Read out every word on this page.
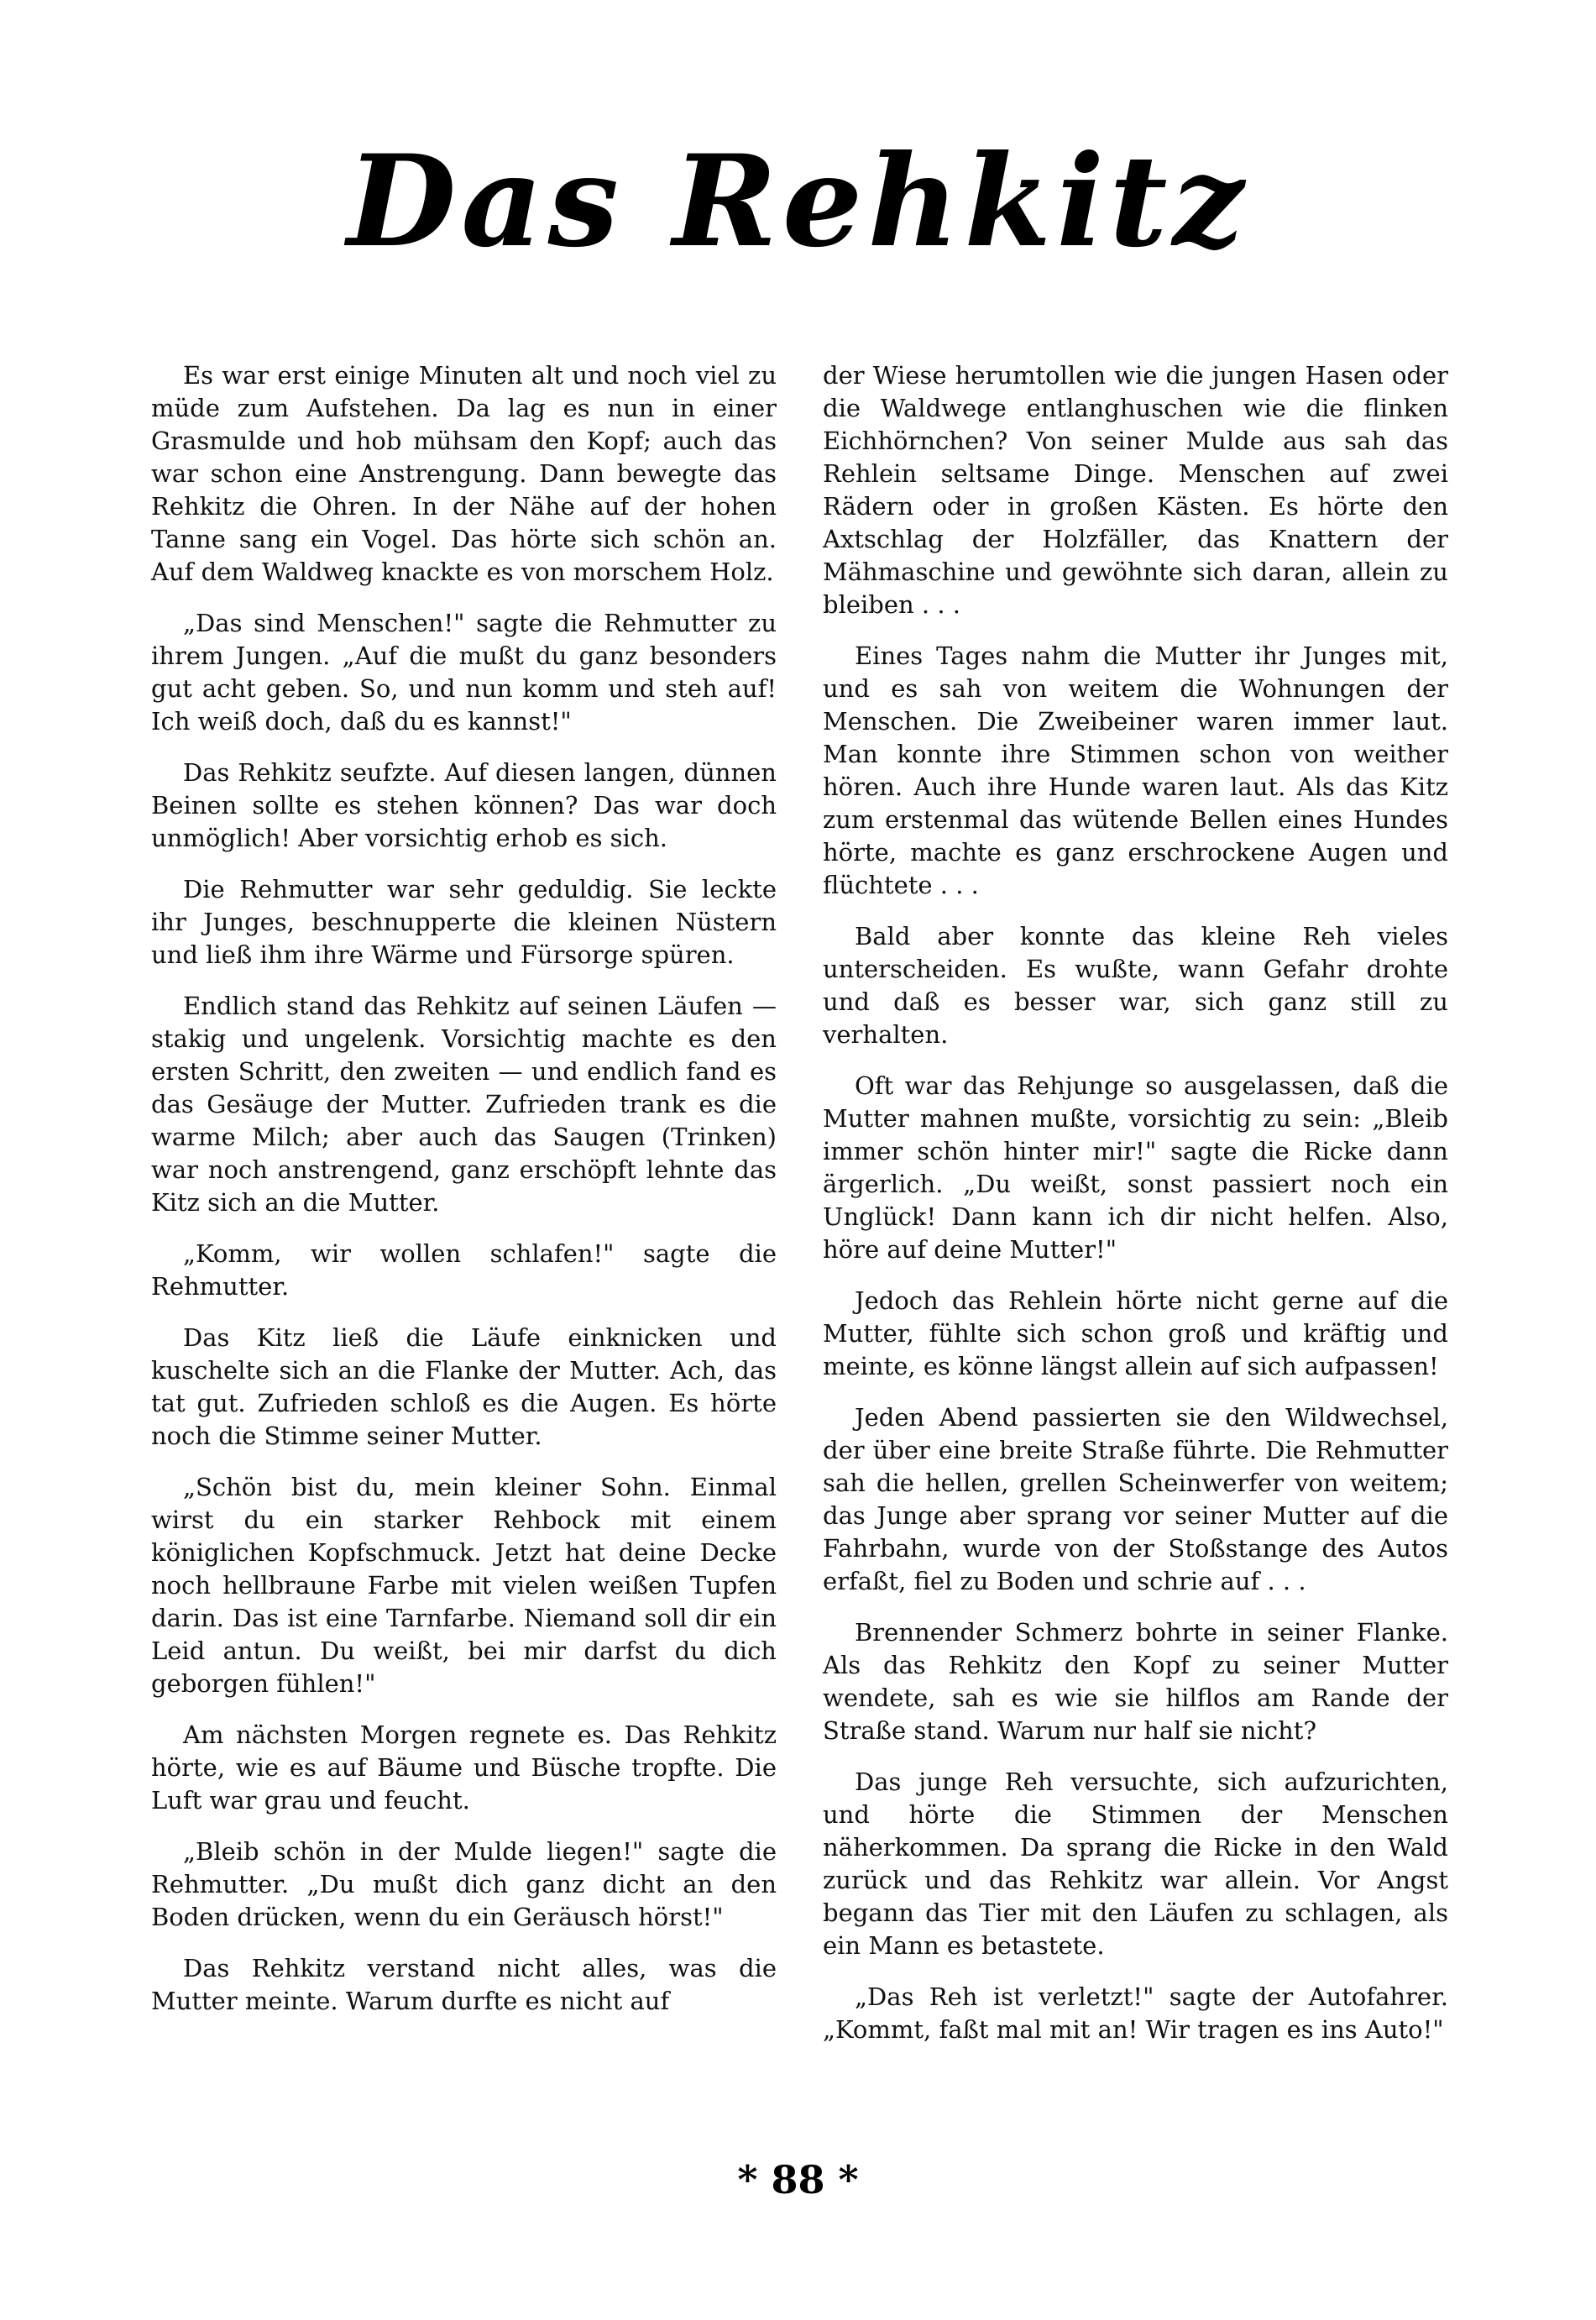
Das Rehkitz

Es war erst einige Minuten alt und noch viel zu müde zum Aufstehen. Da lag es nun in einer Grasmulde und hob mühsam den Kopf; auch das war schon eine Anstrengung. Dann bewegte das Rehkitz die Ohren. In der Nähe auf der hohen Tanne sang ein Vogel. Das hörte sich schön an. Auf dem Waldweg knackte es von morschem Holz.

„Das sind Menschen!" sagte die Rehmutter zu ihrem Jungen. „Auf die mußt du ganz besonders gut acht geben. So, und nun komm und steh auf! Ich weiß doch, daß du es kannst!"

Das Rehkitz seufzte. Auf diesen langen, dünnen Beinen sollte es stehen können? Das war doch unmöglich! Aber vorsichtig erhob es sich.

Die Rehmutter war sehr geduldig. Sie leckte ihr Junges, beschnupperte die kleinen Nüstern und ließ ihm ihre Wärme und Fürsorge spüren.

Endlich stand das Rehkitz auf seinen Läufen — stakig und ungelenk. Vorsichtig machte es den ersten Schritt, den zweiten — und endlich fand es das Gesäuge der Mutter. Zufrieden trank es die warme Milch; aber auch das Saugen (Trinken) war noch anstrengend, ganz erschöpft lehnte das Kitz sich an die Mutter.

„Komm, wir wollen schlafen!" sagte die Rehmutter.

Das Kitz ließ die Läufe einknicken und kuschelte sich an die Flanke der Mutter. Ach, das tat gut. Zufrieden schloß es die Augen. Es hörte noch die Stimme seiner Mutter.

„Schön bist du, mein kleiner Sohn. Einmal wirst du ein starker Rehbock mit einem königlichen Kopfschmuck. Jetzt hat deine Decke noch hellbraune Farbe mit vielen weißen Tupfen darin. Das ist eine Tarnfarbe. Niemand soll dir ein Leid antun. Du weißt, bei mir darfst du dich geborgen fühlen!"

Am nächsten Morgen regnete es. Das Rehkitz hörte, wie es auf Bäume und Büsche tropfte. Die Luft war grau und feucht.

„Bleib schön in der Mulde liegen!" sagte die Rehmutter. „Du mußt dich ganz dicht an den Boden drücken, wenn du ein Geräusch hörst!"

Das Rehkitz verstand nicht alles, was die Mutter meinte. Warum durfte es nicht auf

der Wiese herumtollen wie die jungen Hasen oder die Waldwege entlanghuschen wie die flinken Eichhörnchen? Von seiner Mulde aus sah das Rehlein seltsame Dinge. Menschen auf zwei Rädern oder in großen Kästen. Es hörte den Axtschlag der Holzfäller, das Knattern der Mähmaschine und gewöhnte sich daran, allein zu bleiben . . .

Eines Tages nahm die Mutter ihr Junges mit, und es sah von weitem die Wohnungen der Menschen. Die Zweibeiner waren immer laut. Man konnte ihre Stimmen schon von weither hören. Auch ihre Hunde waren laut. Als das Kitz zum erstenmal das wütende Bellen eines Hundes hörte, machte es ganz erschrockene Augen und flüchtete . . .

Bald aber konnte das kleine Reh vieles unterscheiden. Es wußte, wann Gefahr drohte und daß es besser war, sich ganz still zu verhalten.

Oft war das Rehjunge so ausgelassen, daß die Mutter mahnen mußte, vorsichtig zu sein: „Bleib immer schön hinter mir!" sagte die Ricke dann ärgerlich. „Du weißt, sonst passiert noch ein Unglück! Dann kann ich dir nicht helfen. Also, höre auf deine Mutter!"

Jedoch das Rehlein hörte nicht gerne auf die Mutter, fühlte sich schon groß und kräftig und meinte, es könne längst allein auf sich aufpassen!

Jeden Abend passierten sie den Wildwechsel, der über eine breite Straße führte. Die Rehmutter sah die hellen, grellen Scheinwerfer von weitem; das Junge aber sprang vor seiner Mutter auf die Fahrbahn, wurde von der Stoßstange des Autos erfaßt, fiel zu Boden und schrie auf . . .

Brennender Schmerz bohrte in seiner Flanke. Als das Rehkitz den Kopf zu seiner Mutter wendete, sah es wie sie hilflos am Rande der Straße stand. Warum nur half sie nicht?

Das junge Reh versuchte, sich aufzurichten, und hörte die Stimmen der Menschen näherkommen. Da sprang die Ricke in den Wald zurück und das Rehkitz war allein. Vor Angst begann das Tier mit den Läufen zu schlagen, als ein Mann es betastete.

„Das Reh ist verletzt!" sagte der Autofahrer. „Kommt, faßt mal mit an! Wir tragen es ins Auto!"

* 88 *
